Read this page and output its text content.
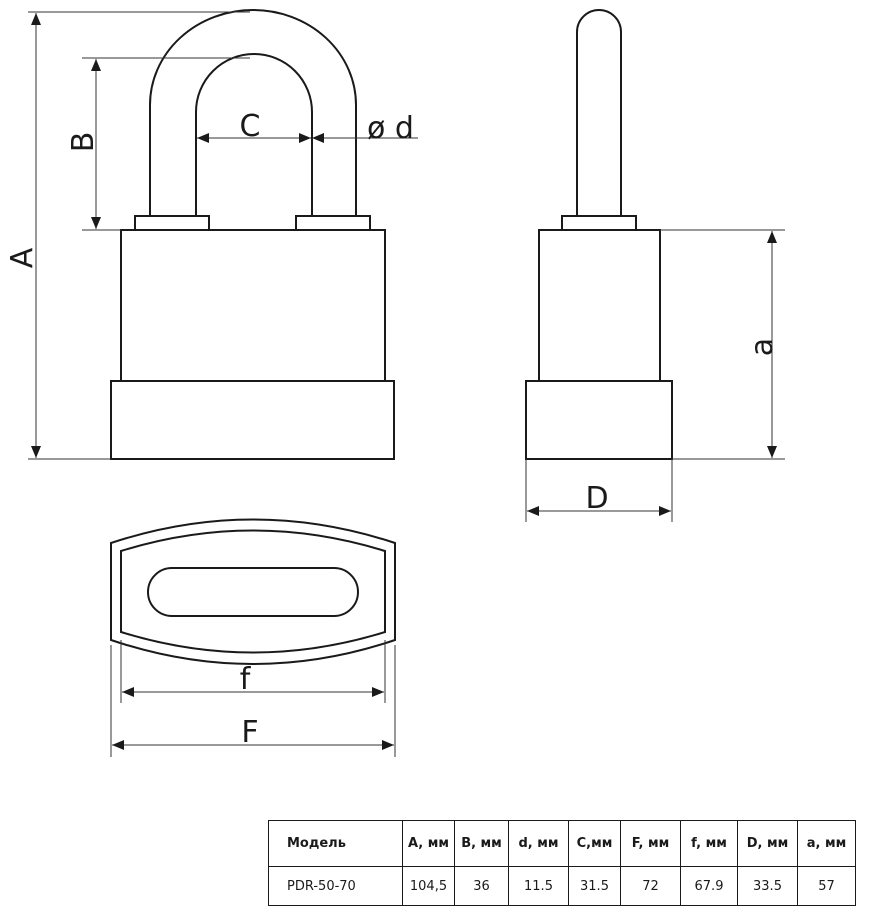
A
B	C	ø d
a
D
f
F
Модель	A, мм	B, мм	d, мм	C,мм	F, мм	f, мм	D, мм	a, мм
PDR-50-70	104,5	36	11.5	31.5	72	67.9	33.5	57
